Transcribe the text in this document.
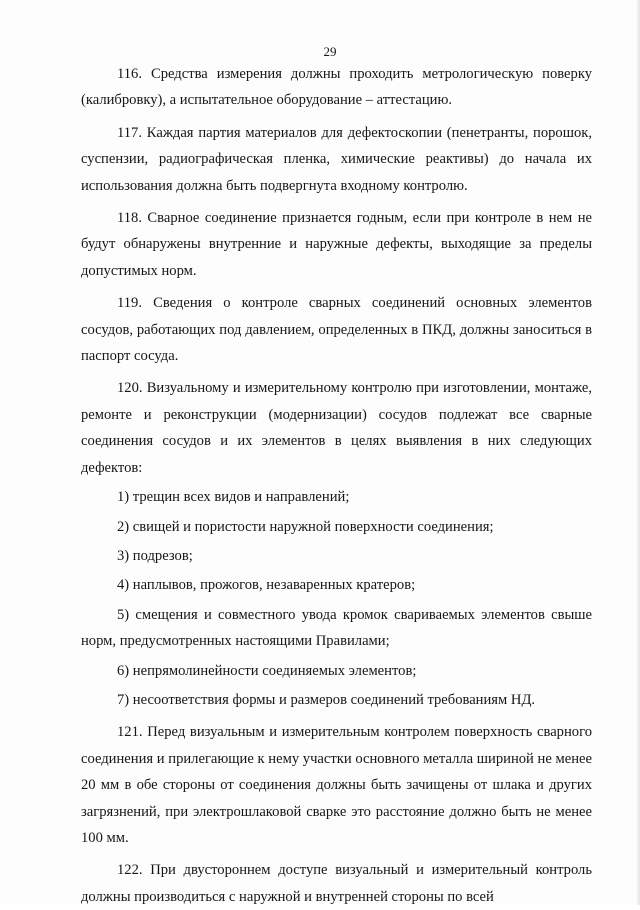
29

116. Средства измерения должны проходить метрологическую поверку (калибровку), а испытательное оборудование – аттестацию.

117. Каждая партия материалов для дефектоскопии (пенетранты, порошок, суспензии, радиографическая пленка, химические реактивы) до начала их использования должна быть подвергнута входному контролю.

118. Сварное соединение признается годным, если при контроле в нем не будут обнаружены внутренние и наружные дефекты, выходящие за пределы допустимых норм.

119. Сведения о контроле сварных соединений основных элементов сосудов, работающих под давлением, определенных в ПКД, должны заноситься в паспорт сосуда.

120. Визуальному и измерительному контролю при изготовлении, монтаже, ремонте и реконструкции (модернизации) сосудов подлежат все сварные соединения сосудов и их элементов в целях выявления в них следующих дефектов:

1) трещин всех видов и направлений;

2) свищей и пористости наружной поверхности соединения;

3) подрезов;

4) наплывов, прожогов, незаваренных кратеров;

5) смещения и совместного увода кромок свариваемых элементов свыше норм, предусмотренных настоящими Правилами;

6) непрямолинейности соединяемых элементов;

7) несоответствия формы и размеров соединений требованиям НД.

121. Перед визуальным и измерительным контролем поверхность сварного соединения и прилегающие к нему участки основного металла шириной не менее 20 мм в обе стороны от соединения должны быть зачищены от шлака и других загрязнений, при электрошлаковой сварке это расстояние должно быть не менее 100 мм.

122. При двустороннем доступе визуальный и измерительный контроль должны производиться с наружной и внутренней стороны по всей
